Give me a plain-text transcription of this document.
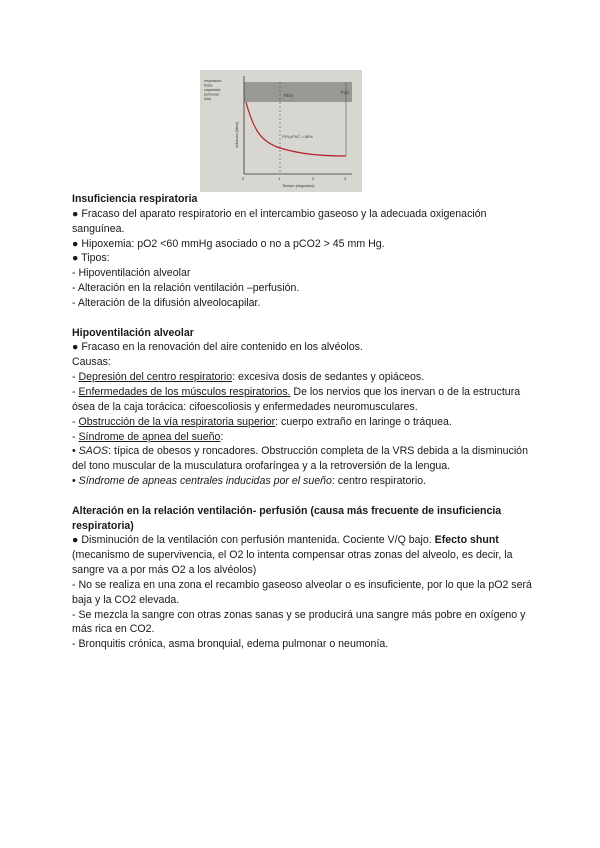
Inspiración
física
capacidad
pulmonar
total
FEV₁
FVC
FEV₁/FVC = 80%
Volumen (litros)
0	1	2	3
Tiempo (segundos)

Insuficiencia respiratoria

● Fracaso del aparato respiratorio en el intercambio gaseoso y la adecuada oxigenación sanguínea.

● Hipoxemia: pO2 <60 mmHg asociado o no a pCO2 > 45 mm Hg.

● Tipos:

- Hipoventilación alveolar

- Alteración en la relación ventilación –perfusión.

- Alteración de la difusión alveolocapilar.

Hipoventilación alveolar

● Fracaso en la renovación del aire contenido en los alvéolos.

Causas:

- Depresión del centro respiratorio: excesiva dosis de sedantes y opiáceos.

- Enfermedades de los músculos respiratorios. De los nervios que los inervan o de la estructura ósea de la caja torácica: cifoescoliosis y enfermedades neuromusculares.

- Obstrucción de la vía respiratoria superior: cuerpo extraño en laringe o tráquea.

- Síndrome de apnea del sueño:

• SAOS: típica de obesos y roncadores. Obstrucción completa de la VRS debida a la disminución del tono muscular de la musculatura orofaríngea y a la retroversión de la lengua.

• Síndrome de apneas centrales inducidas por el sueño: centro respiratorio.

Alteración en la relación ventilación- perfusión (causa más frecuente de insuficiencia respiratoria)

● Disminución de la ventilación con perfusión mantenida. Cociente V/Q bajo. Efecto shunt (mecanismo de supervivencia, el O2 lo intenta compensar otras zonas del alveolo, es decir, la sangre va a por más O2 a los alvéolos)

- No se realiza en una zona el recambio gaseoso alveolar o es insuficiente, por lo que la pO2 será baja y la CO2 elevada.

- Se mezcla la sangre con otras zonas sanas y se producirá una sangre más pobre en oxígeno y más rica en CO2.

- Bronquitis crónica, asma bronquial, edema pulmonar o neumonía.
